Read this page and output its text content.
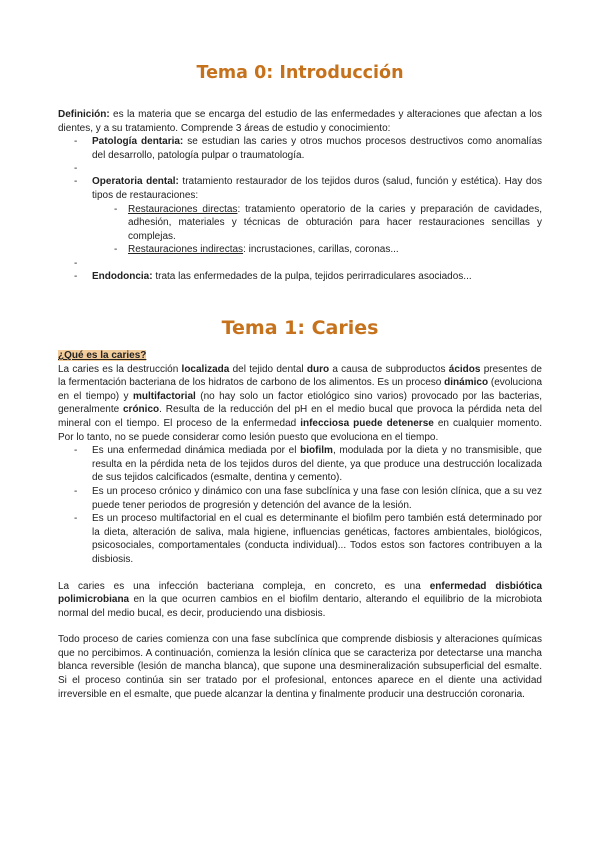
Tema 0: Introducción

Definición: es la materia que se encarga del estudio de las enfermedades y alteraciones que afectan a los dientes, y a su tratamiento. Comprende 3 áreas de estudio y conocimiento:

- Patología dentaria: se estudian las caries y otros muchos procesos destructivos como anomalías del desarrollo, patología pulpar o traumatología.
-
- Operatoria dental: tratamiento restaurador de los tejidos duros (salud, función y estética). Hay dos tipos de restauraciones:
- Restauraciones directas: tratamiento operatorio de la caries y preparación de cavidades, adhesión, materiales y técnicas de obturación para hacer restauraciones sencillas y complejas.
- Restauraciones indirectas: incrustaciones, carillas, coronas...
-
- Endodoncia: trata las enfermedades de la pulpa, tejidos perirradiculares asociados...
Tema 1: Caries

¿Qué es la caries?

La caries es la destrucción localizada del tejido dental duro a causa de subproductos ácidos presentes de la fermentación bacteriana de los hidratos de carbono de los alimentos. Es un proceso dinámico (evoluciona en el tiempo) y multifactorial (no hay solo un factor etiológico sino varios) provocado por las bacterias, generalmente crónico. Resulta de la reducción del pH en el medio bucal que provoca la pérdida neta del mineral con el tiempo. El proceso de la enfermedad infecciosa puede detenerse en cualquier momento. Por lo tanto, no se puede considerar como lesión puesto que evoluciona en el tiempo.

- Es una enfermedad dinámica mediada por el biofilm, modulada por la dieta y no transmisible, que resulta en la pérdida neta de los tejidos duros del diente, ya que produce una destrucción localizada de sus tejidos calcificados (esmalte, dentina y cemento).
- Es un proceso crónico y dinámico con una fase subclínica y una fase con lesión clínica, que a su vez puede tener periodos de progresión y detención del avance de la lesión.
- Es un proceso multifactorial en el cual es determinante el biofilm pero también está determinado por la dieta, alteración de saliva, mala higiene, influencias genéticas, factores ambientales, biológicos, psicosociales, comportamentales (conducta individual)... Todos estos son factores contribuyen a la disbiosis.

La caries es una infección bacteriana compleja, en concreto, es una enfermedad disbiótica polimicrobiana en la que ocurren cambios en el biofilm dentario, alterando el equilibrio de la microbiota normal del medio bucal, es decir, produciendo una disbiosis.

Todo proceso de caries comienza con una fase subclínica que comprende disbiosis y alteraciones químicas que no percibimos. A continuación, comienza la lesión clínica que se caracteriza por detectarse una mancha blanca reversible (lesión de mancha blanca), que supone una desmineralización subsuperficial del esmalte. Si el proceso continúa sin ser tratado por el profesional, entonces aparece en el diente una actividad irreversible en el esmalte, que puede alcanzar la dentina y finalmente producir una destrucción coronaria.
